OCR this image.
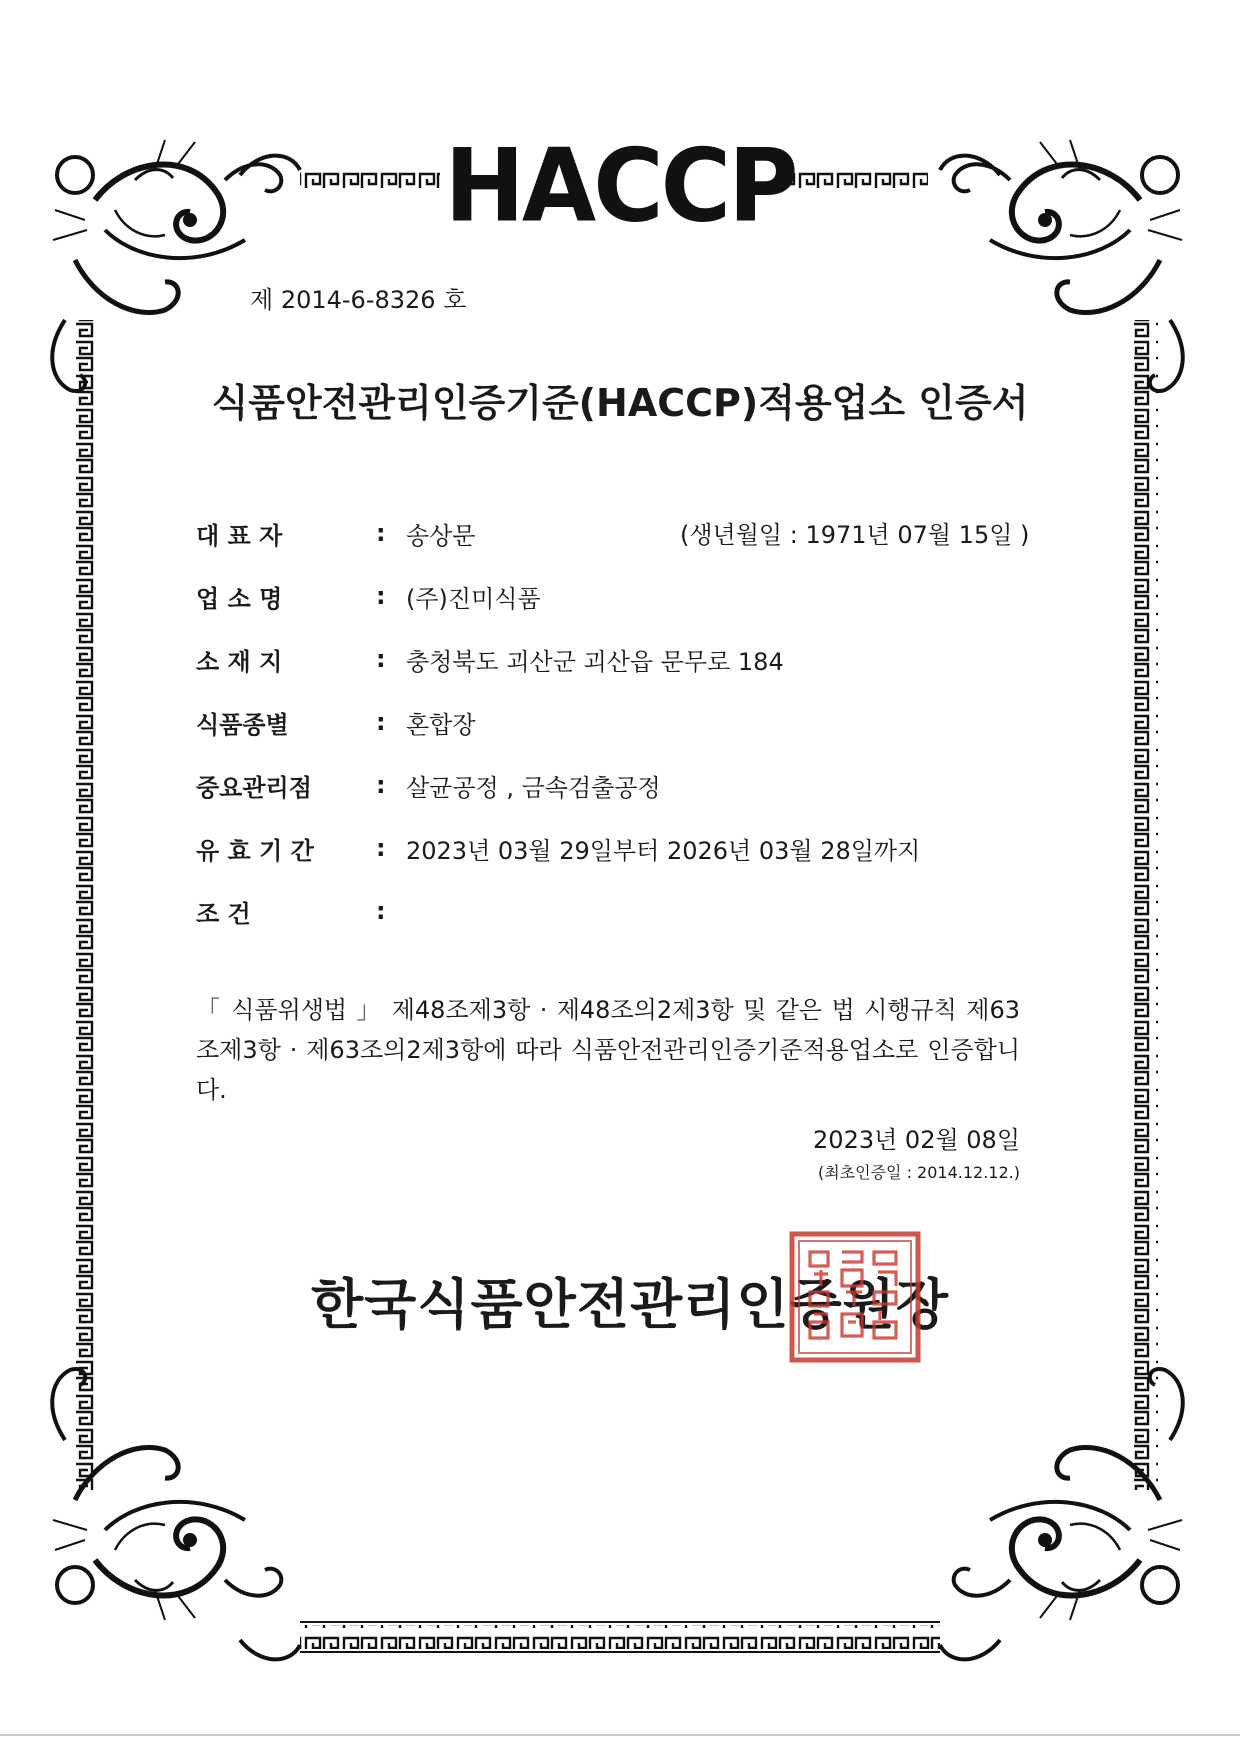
HACCP
제 2014-6-8326 호
식품안전관리인증기준(HACCP)적용업소 인증서
대 표 자	: 송상문	(생년월일 : 1971년 07월 15일 )
업 소 명	: (주)진미식품
소 재 지	: 충청북도 괴산군 괴산읍 문무로 184
식품종별	: 혼합장
중요관리점	: 살균공정 , 금속검출공정
유 효 기 간	: 2023년 03월 29일부터 2026년 03월 28일까지
조 건	:
「 식품위생법 」 제48조제3항 · 제48조의2제3항 및 같은 법 시행규칙 제63조제3항 · 제63조의2제3항에 따라 식품안전관리인증기준적용업소로 인증합니다.
2023년 02월 08일
(최초인증일 : 2014.12.12.)
한국식품안전관리인증원장
